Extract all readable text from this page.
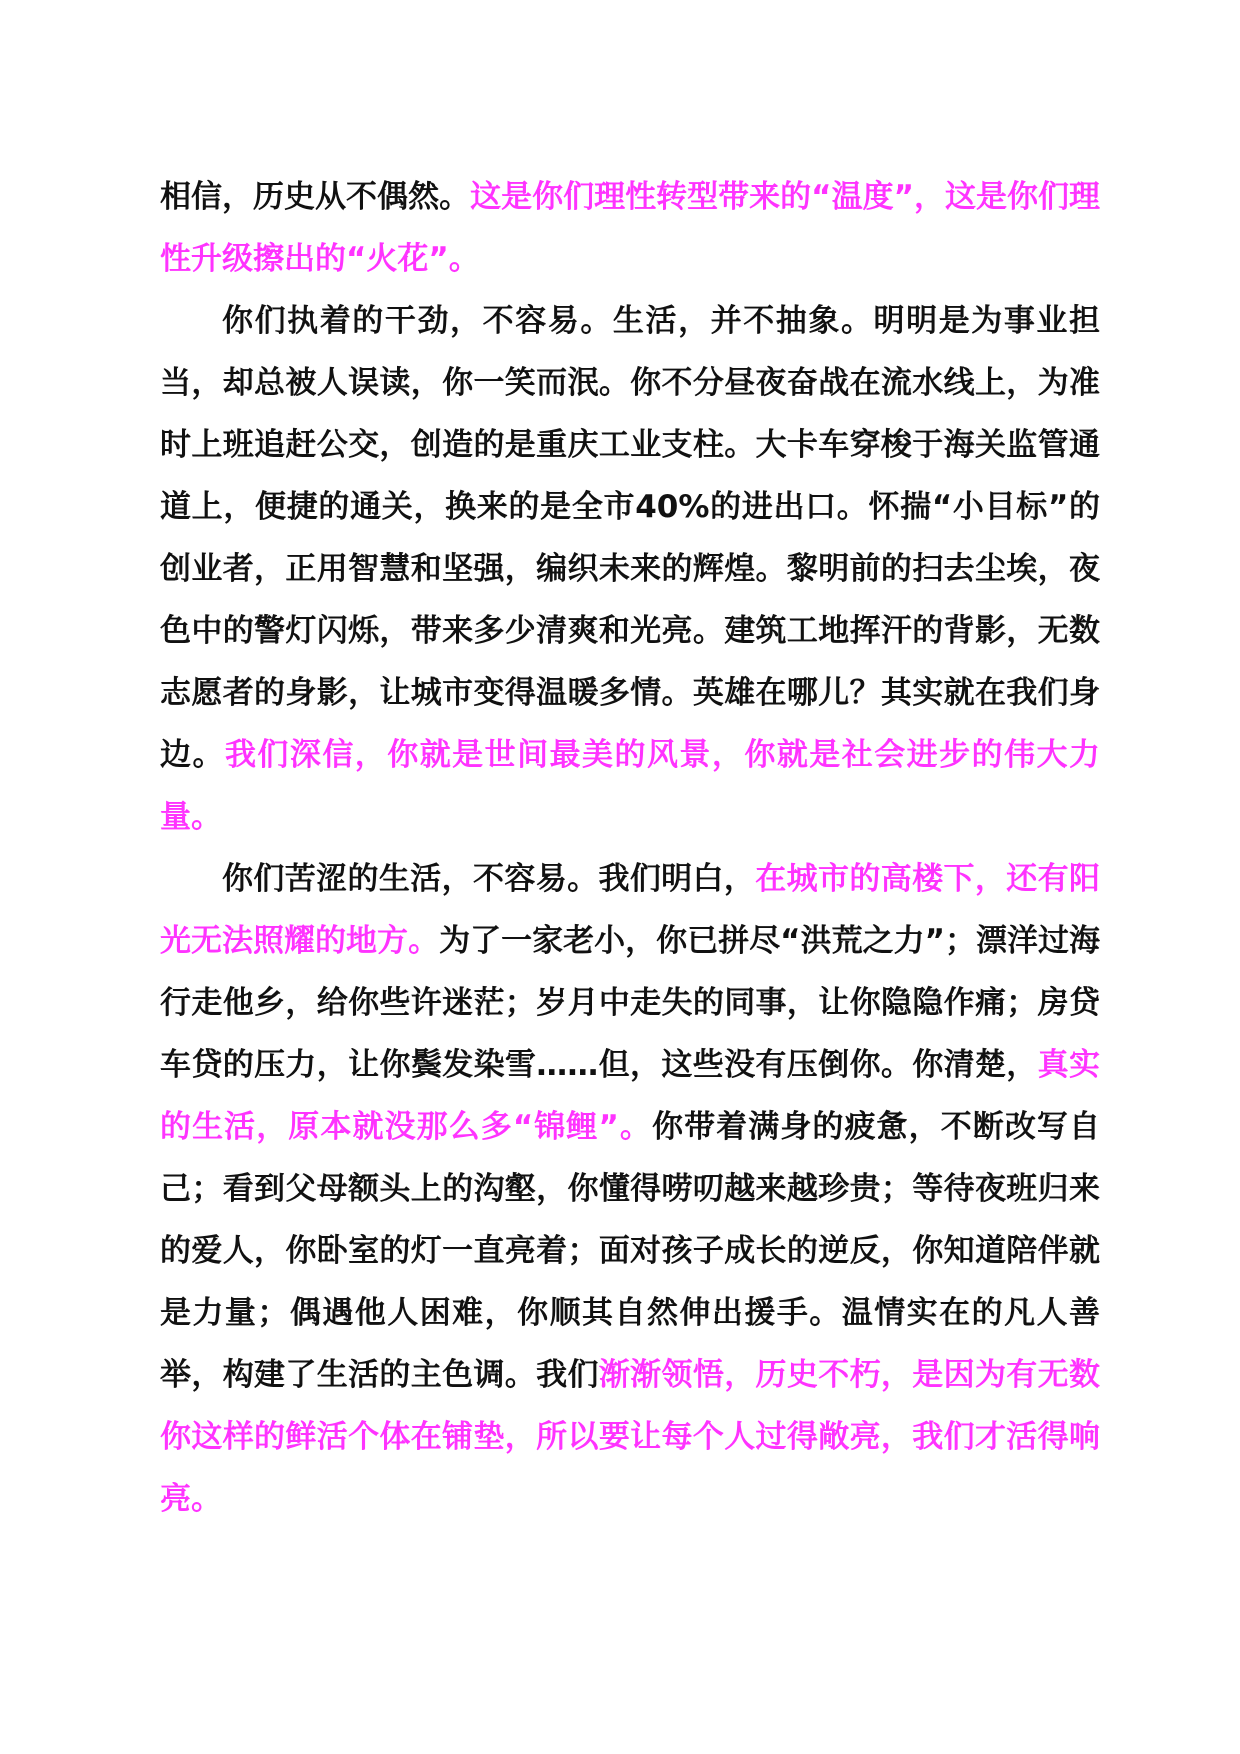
相信，历史从不偶然。这是你们理性转型带来的“温度”，这是你们理性升级擦出的“火花”。

你们执着的干劲，不容易。生活，并不抽象。明明是为事业担当，却总被人误读，你一笑而泯。你不分昼夜奋战在流水线上，为准时上班追赶公交，创造的是重庆工业支柱。大卡车穿梭于海关监管通道上，便捷的通关，换来的是全市40%的进出口。怀揣“小目标”的创业者，正用智慧和坚强，编织未来的辉煌。黎明前的扫去尘埃，夜色中的警灯闪烁，带来多少清爽和光亮。建筑工地挥汗的背影，无数志愿者的身影，让城市变得温暖多情。英雄在哪儿？其实就在我们身边。我们深信，你就是世间最美的风景，你就是社会进步的伟大力量。

你们苦涩的生活，不容易。我们明白，在城市的高楼下，还有阳光无法照耀的地方。为了一家老小，你已拼尽“洪荒之力”；漂洋过海行走他乡，给你些许迷茫；岁月中走失的同事，让你隐隐作痛；房贷车贷的压力，让你鬓发染雪……但，这些没有压倒你。你清楚，真实的生活，原本就没那么多“锦鲤”。你带着满身的疲惫，不断改写自己；看到父母额头上的沟壑，你懂得唠叨越来越珍贵；等待夜班归来的爱人，你卧室的灯一直亮着；面对孩子成长的逆反，你知道陪伴就是力量；偶遇他人困难，你顺其自然伸出援手。温情实在的凡人善举，构建了生活的主色调。我们渐渐领悟，历史不朽，是因为有无数你这样的鲜活个体在铺垫，所以要让每个人过得敞亮，我们才活得响亮。
